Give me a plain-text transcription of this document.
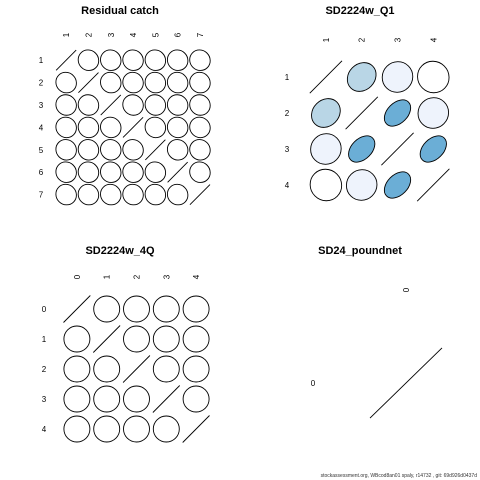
Residual catch
1 2 3 4 5 6 7
1
2
3
4
5
6
7
SD2224w_Q1
1	2	3	4
1
2
3
4
SD2224w_4Q
0	1	2	3	4
0
1
2
3
4
SD24_poundnet
0
0
stockassessment.org, WBcod8an01 spaly, r14732 , git: 69d926d0437d
